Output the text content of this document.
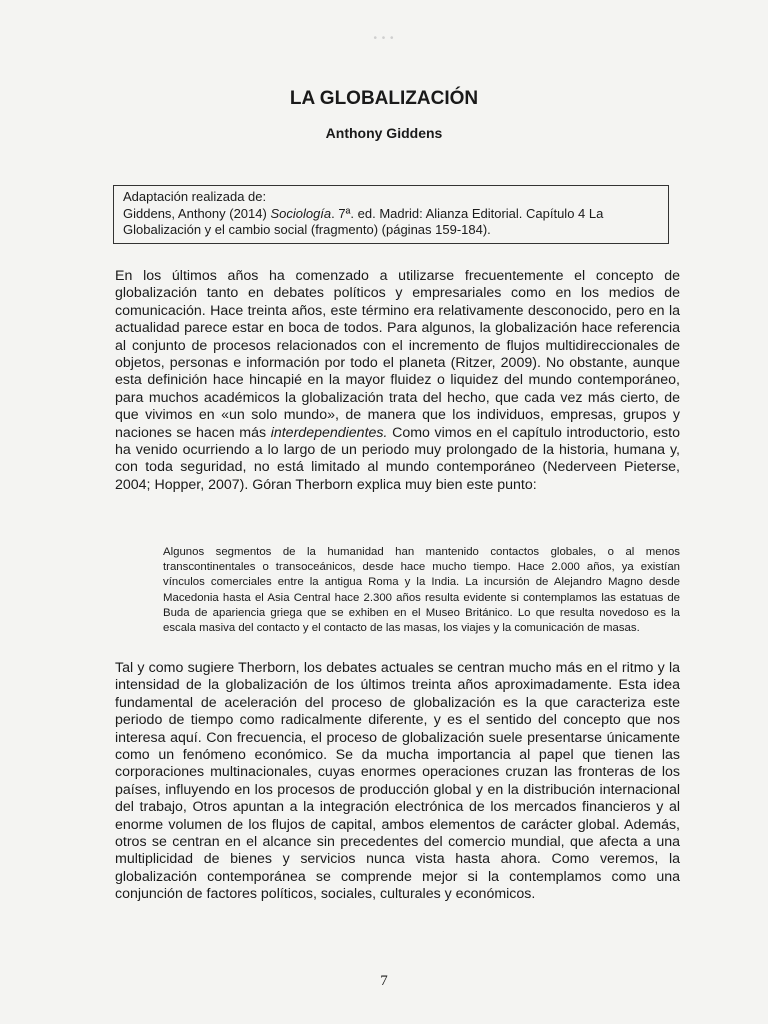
• • •
LA GLOBALIZACIÓN
Anthony Giddens
Adaptación realizada de:
Giddens, Anthony (2014) Sociología. 7ª. ed. Madrid: Alianza Editorial. Capítulo 4 La
Globalización y el cambio social (fragmento) (páginas 159-184).

En los últimos años ha comenzado a utilizarse frecuentemente el concepto de globalización tanto en debates políticos y empresariales como en los medios de comunicación. Hace treinta años, este término era relativamente desconocido, pero en la actualidad parece estar en boca de todos. Para algunos, la globalización hace referencia al conjunto de procesos relacionados con el incremento de flujos multidireccionales de objetos, personas e información por todo el planeta (Ritzer, 2009). No obstante, aunque esta definición hace hincapié en la mayor fluidez o liquidez del mundo contemporáneo, para muchos académicos la globalización trata del hecho, que cada vez más cierto, de que vivimos en «un solo mundo», de manera que los individuos, empresas, grupos y naciones se hacen más interdependientes. Como vimos en el capítulo introductorio, esto ha venido ocurriendo a lo largo de un periodo muy prolongado de la historia, humana y, con toda seguridad, no está limitado al mundo contemporáneo (Nederveen Pieterse, 2004; Hopper, 2007). Góran Therborn explica muy bien este punto:

Algunos segmentos de la humanidad han mantenido contactos globales, o al menos transcontinentales o transoceánicos, desde hace mucho tiempo. Hace 2.000 años, ya existían vínculos comerciales entre la antigua Roma y la India. La incursión de Alejandro Magno desde Macedonia hasta el Asia Central hace 2.300 años resulta evidente si contemplamos las estatuas de Buda de apariencia griega que se exhiben en el Museo Británico. Lo que resulta novedoso es la escala masiva del contacto y el contacto de las masas, los viajes y la comunicación de masas.

Tal y como sugiere Therborn, los debates actuales se centran mucho más en el ritmo y la intensidad de la globalización de los últimos treinta años aproximadamente. Esta idea fundamental de aceleración del proceso de globalización es la que caracteriza este periodo de tiempo como radicalmente diferente, y es el sentido del concepto que nos interesa aquí. Con frecuencia, el proceso de globalización suele presentarse únicamente como un fenómeno económico. Se da mucha importancia al papel que tienen las corporaciones multinacionales, cuyas enormes operaciones cruzan las fronteras de los países, influyendo en los procesos de producción global y en la distribución internacional del trabajo, Otros apuntan a la integración electrónica de los mercados financieros y al enorme volumen de los flujos de capital, ambos elementos de carácter global. Además, otros se centran en el alcance sin precedentes del comercio mundial, que afecta a una multiplicidad de bienes y servicios nunca vista hasta ahora. Como veremos, la globalización contemporánea se comprende mejor si la contemplamos como una conjunción de factores políticos, sociales, culturales y económicos.

7
